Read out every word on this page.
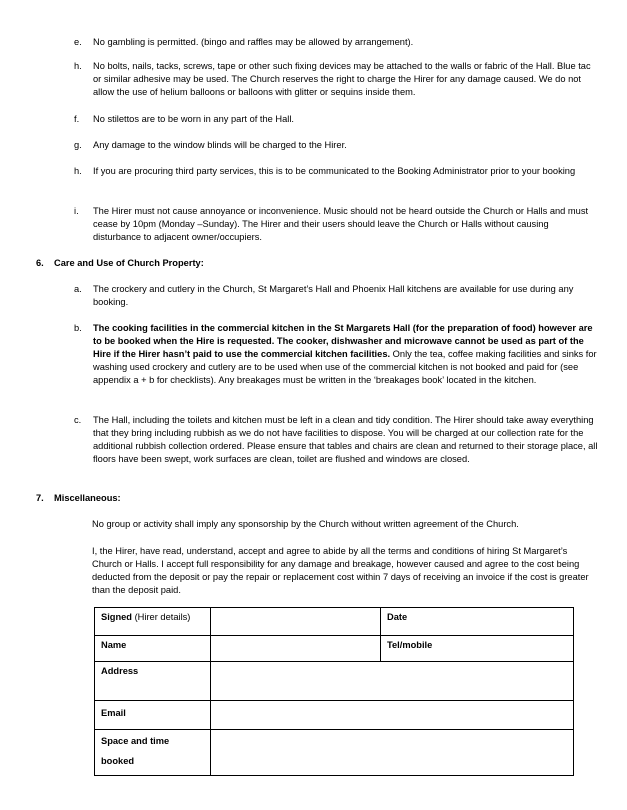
e.	No gambling is permitted. (bingo and raffles may be allowed by arrangement).
h.	No bolts, nails, tacks, screws, tape or other such fixing devices may be attached to the walls or fabric of the Hall. Blue tac or similar adhesive may be used. The Church reserves the right to charge the Hirer for any damage caused. We do not allow the use of helium balloons or balloons with glitter or sequins inside them.
f.	No stilettos are to be worn in any part of the Hall.
g.	Any damage to the window blinds will be charged to the Hirer.
h.	If you are procuring third party services, this is to be communicated to the Booking Administrator prior to your booking
i.	The Hirer must not cause annoyance or inconvenience. Music should not be heard outside the Church or Halls and must cease by 10pm (Monday –Sunday). The Hirer and their users should leave the Church or Halls without causing disturbance to adjacent owner/occupiers.
6. Care and Use of Church Property:
a.	The crockery and cutlery in the Church, St Margaret’s Hall and Phoenix Hall kitchens are available for use during any booking.
b.	The cooking facilities in the commercial kitchen in the St Margarets Hall (for the preparation of food) however are to be booked when the Hire is requested. The cooker, dishwasher and microwave cannot be used as part of the Hire if the Hirer hasn’t paid to use the commercial kitchen facilities. Only the tea, coffee making facilities and sinks for washing used crockery and cutlery are to be used when use of the commercial kitchen is not booked and paid for (see appendix a + b for checklists). Any breakages must be written in the ‘breakages book’ located in the kitchen.
c.	The Hall, including the toilets and kitchen must be left in a clean and tidy condition. The Hirer should take away everything that they bring including rubbish as we do not have facilities to dispose. You will be charged at our collection rate for the additional rubbish collection ordered. Please ensure that tables and chairs are clean and returned to their storage place, all floors have been swept, work surfaces are clean, toilet are flushed and windows are closed.
7. Miscellaneous:
No group or activity shall imply any sponsorship by the Church without written agreement of the Church.
I, the Hirer, have read, understand, accept and agree to abide by all the terms and conditions of hiring St Margaret’s Church or Halls. I accept full responsibility for any damage and breakage, however caused and agree to the cost being deducted from the deposit or pay the repair or replacement cost within 7 days of receiving an invoice if the cost is greater than the deposit paid.
Signed (Hirer details)		Date
Name		Tel/mobile
Address		
Email		
Space and time
booked		
